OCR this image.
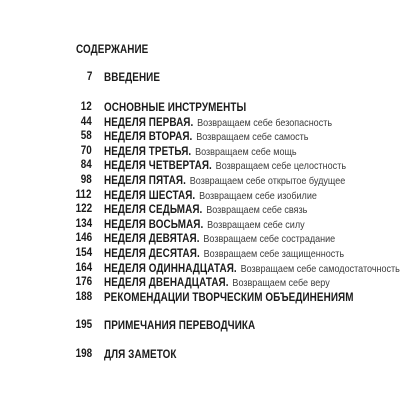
СОДЕРЖАНИЕ
7 ВВЕДЕНИЕ
12 ОСНОВНЫЕ ИНСТРУМЕНТЫ
44 НЕДЕЛЯ ПЕРВАЯ. Возвращаем себе безопасность
58 НЕДЕЛЯ ВТОРАЯ. Возвращаем себе самость
70 НЕДЕЛЯ ТРЕТЬЯ. Возвращаем себе мощь
84 НЕДЕЛЯ ЧЕТВЕРТАЯ. Возвращаем себе целостность
98 НЕДЕЛЯ ПЯТАЯ. Возвращаем себе открытое будущее
112 НЕДЕЛЯ ШЕСТАЯ. Возвращаем себе изобилие
122 НЕДЕЛЯ СЕДЬМАЯ. Возвращаем себе связь
134 НЕДЕЛЯ ВОСЬМАЯ. Возвращаем себе силу
146 НЕДЕЛЯ ДЕВЯТАЯ. Возвращаем себе сострадание
154 НЕДЕЛЯ ДЕСЯТАЯ. Возвращаем себе защищенность
164 НЕДЕЛЯ ОДИННАДЦАТАЯ. Возвращаем себе самодостаточность
176 НЕДЕЛЯ ДВЕНАДЦАТАЯ. Возвращаем себе веру
188 РЕКОМЕНДАЦИИ ТВОРЧЕСКИМ ОБЪЕДИНЕНИЯМ
195 ПРИМЕЧАНИЯ ПЕРЕВОДЧИКА
198 ДЛЯ ЗАМЕТОК
